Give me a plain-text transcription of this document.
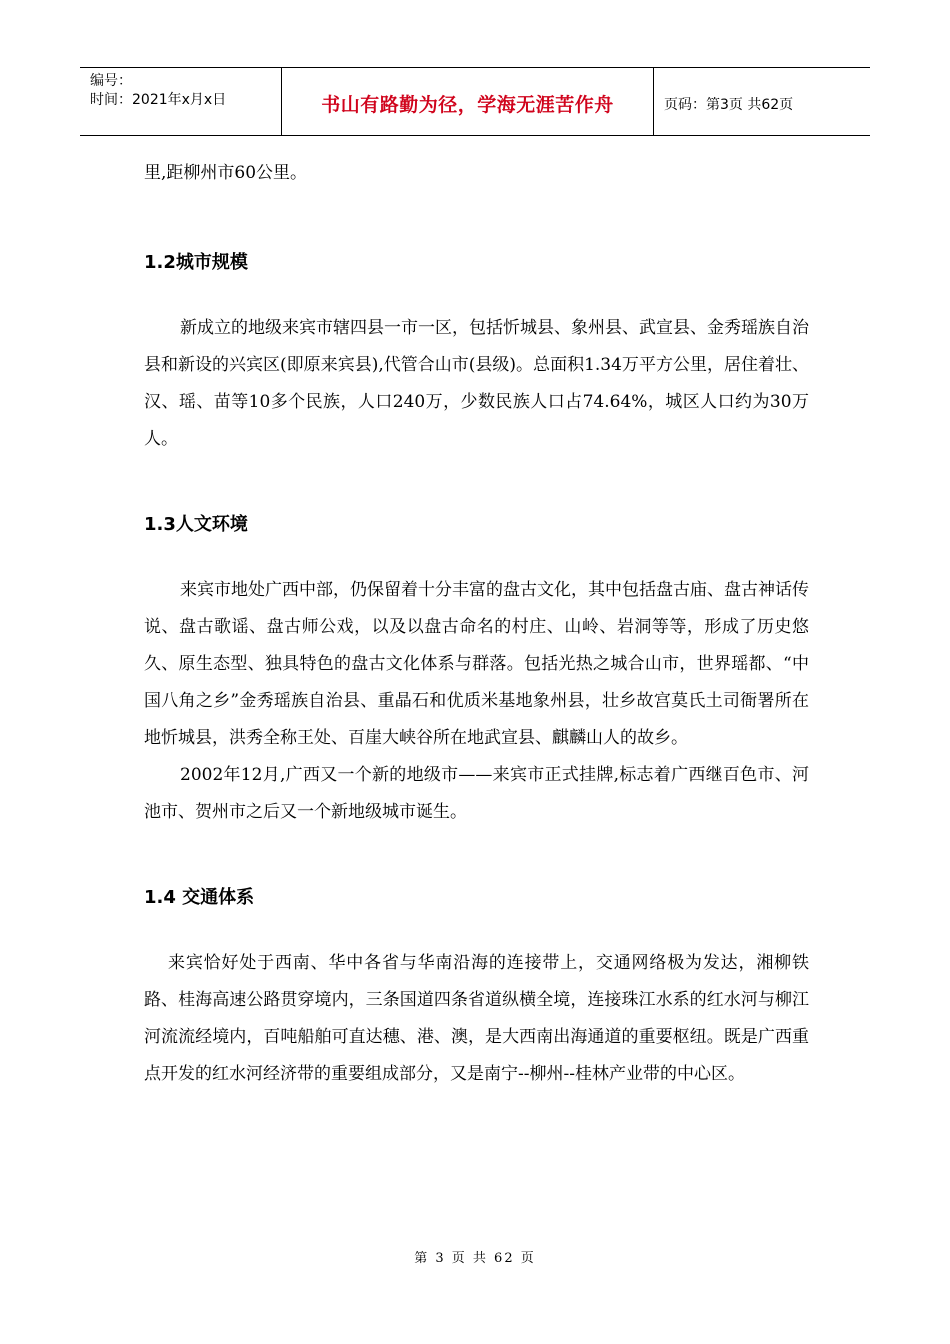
编号：
时间：2021年x月x日	书山有路勤为径，学海无涯苦作舟	页码：第3页 共62页

里,距柳州市60公里。

1.2城市规模

新成立的地级来宾市辖四县一市一区，包括忻城县、象州县、武宣县、金秀瑶族自治县和新设的兴宾区(即原来宾县),代管合山市(县级)。总面积1.34万平方公里，居住着壮、汉、瑶、苗等10多个民族，人口240万，少数民族人口占74.64%，城区人口约为30万人。

1.3人文环境

来宾市地处广西中部，仍保留着十分丰富的盘古文化，其中包括盘古庙、盘古神话传说、盘古歌谣、盘古师公戏，以及以盘古命名的村庄、山岭、岩洞等等，形成了历史悠久、原生态型、独具特色的盘古文化体系与群落。包括光热之城合山市，世界瑶都、“中国八角之乡”金秀瑶族自治县、重晶石和优质米基地象州县，壮乡故宫莫氏土司衙署所在地忻城县，洪秀全称王处、百崖大峡谷所在地武宣县、麒麟山人的故乡。

2002年12月,广西又一个新的地级市——来宾市正式挂牌,标志着广西继百色市、河池市、贺州市之后又一个新地级城市诞生。

1.4 交通体系

来宾恰好处于西南、华中各省与华南沿海的连接带上，交通网络极为发达，湘柳铁路、桂海高速公路贯穿境内，三条国道四条省道纵横全境，连接珠江水系的红水河与柳江河流流经境内，百吨船舶可直达穗、港、澳，是大西南出海通道的重要枢纽。既是广西重点开发的红水河经济带的重要组成部分，又是南宁--柳州--桂林产业带的中心区。

第 3 页 共 62 页
